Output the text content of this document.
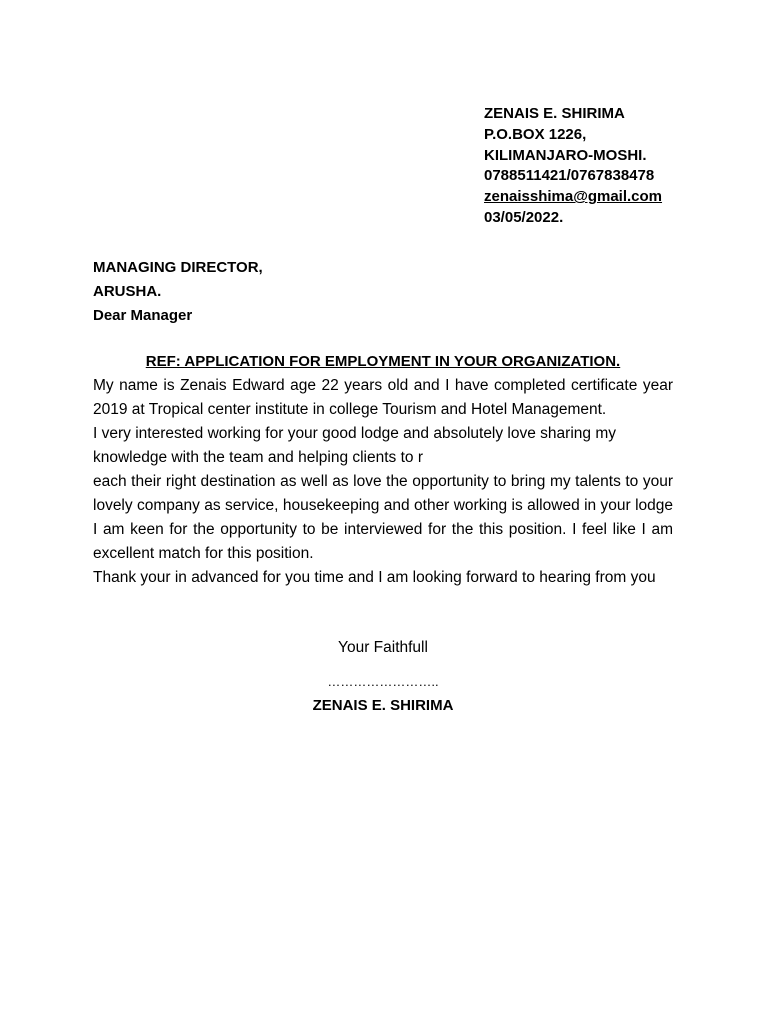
ZENAIS E. SHIRIMA
P.O.BOX 1226,
KILIMANJARO-MOSHI.
0788511421/0767838478
zenaisshima@gmail.com
03/05/2022.
MANAGING DIRECTOR,
ARUSHA.
Dear Manager
REF: APPLICATION FOR EMPLOYMENT IN YOUR ORGANIZATION.

My name is Zenais Edward age 22 years old and I have completed certificate year 2019 at Tropical center institute in college Tourism and Hotel Management.

I very interested working for your good lodge and absolutely love sharing my
knowledge with the team and helping clients to r

each their right destination as well as love the opportunity to bring my talents to your lovely company as service, housekeeping and other working is allowed in your lodge I am keen for the opportunity to be interviewed for the this position. I feel like I am excellent match for this position.

Thank your in advanced for you time and I am looking forward to hearing from you

Your Faithfull
……………………..
ZENAIS E. SHIRIMA
